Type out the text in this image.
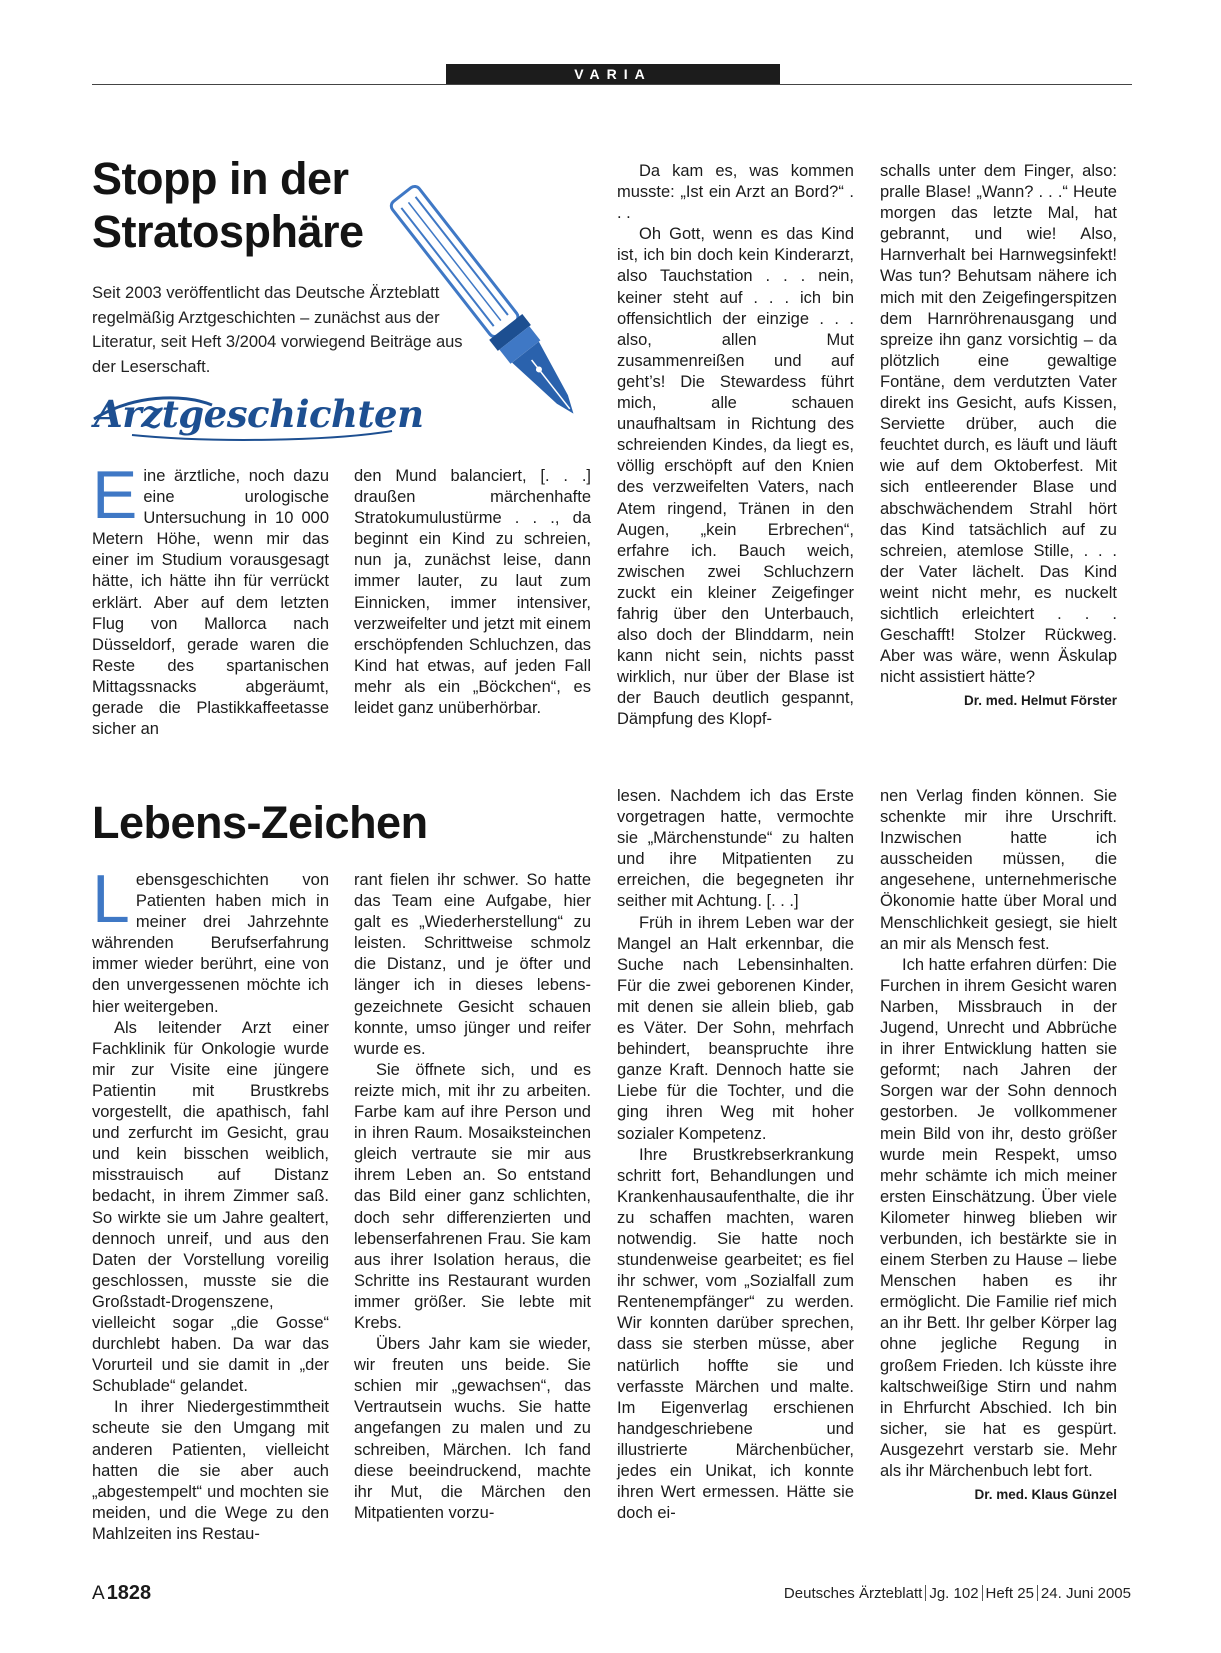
VARIA
Stopp in der
Stratosphäre
Seit 2003 veröffentlicht das Deutsche Ärzteblatt regelmäßig Arztgeschichten – zunächst aus der Literatur, seit Heft 3/2004 vorwiegend Beiträge aus der Leserschaft.
Arztgeschichten

Eine ärztliche, noch dazu eine urologische Untersuchung in 10 000 Metern Höhe, wenn mir das einer im Studium vorausgesagt hätte, ich hätte ihn für verrückt erklärt. Aber auf dem letzten Flug von Mallorca nach Düsseldorf, gerade waren die Reste des spartanischen Mittagssnacks abgeräumt, gerade die Plastikkaffeetasse sicher an

den Mund balanciert, [. . .] draußen märchenhafte Stratokumulustürme . . ., da beginnt ein Kind zu schreien, nun ja, zunächst leise, dann immer lauter, zu laut zum Einnicken, immer intensiver, verzweifelter und jetzt mit einem erschöpfenden Schluchzen, das Kind hat etwas, auf jeden Fall mehr als ein „Böckchen“, es leidet ganz unüberhörbar.

Da kam es, was kommen musste: „Ist ein Arzt an Bord?“ . . .

Oh Gott, wenn es das Kind ist, ich bin doch kein Kinderarzt, also Tauchstation . . . nein, keiner steht auf . . . ich bin offensichtlich der einzige . . . also, allen Mut zusammenreißen und auf geht’s! Die Stewardess führt mich, alle schauen unaufhaltsam in Richtung des schreienden Kindes, da liegt es, völlig erschöpft auf den Knien des verzweifelten Vaters, nach Atem ringend, Tränen in den Augen, „kein Erbrechen“, erfahre ich. Bauch weich, zwischen zwei Schluchzern zuckt ein kleiner Zeigefinger fahrig über den Unterbauch, also doch der Blinddarm, nein kann nicht sein, nichts passt wirklich, nur über der Blase ist der Bauch deutlich gespannt, Dämpfung des Klopf-

schalls unter dem Finger, also: pralle Blase! „Wann? . . .“ Heute morgen das letzte Mal, hat gebrannt, und wie! Also, Harnverhalt bei Harnwegsinfekt! Was tun? Behutsam nähere ich mich mit den Zeigefingerspitzen dem Harnröhrenausgang und spreize ihn ganz vorsichtig – da plötzlich eine gewaltige Fontäne, dem verdutzten Vater direkt ins Gesicht, aufs Kissen, Serviette drüber, auch die feuchtet durch, es läuft und läuft wie auf dem Oktoberfest. Mit sich entleerender Blase und abschwächendem Strahl hört das Kind tatsächlich auf zu schreien, atemlose Stille, . . . der Vater lächelt. Das Kind weint nicht mehr, es nuckelt sichtlich erleichtert . . . Geschafft! Stolzer Rückweg. Aber was wäre, wenn Äskulap nicht assistiert hätte?
Dr. med. Helmut Förster

Lebens-Zeichen

Lebensgeschichten von Patienten haben mich in meiner drei Jahrzehnte währenden Berufserfahrung immer wieder berührt, eine von den unvergessenen möchte ich hier weitergeben.

Als leitender Arzt einer Fachklinik für Onkologie wurde mir zur Visite eine jüngere Patientin mit Brustkrebs vorgestellt, die apathisch, fahl und zerfurcht im Gesicht, grau und kein bisschen weiblich, misstrauisch auf Distanz bedacht, in ihrem Zimmer saß. So wirkte sie um Jahre gealtert, dennoch unreif, und aus den Daten der Vorstellung voreilig geschlossen, musste sie die Großstadt-Drogenszene, vielleicht sogar „die Gosse“ durchlebt haben. Da war das Vorurteil und sie damit in „der Schublade“ gelandet.

In ihrer Niedergestimmtheit scheute sie den Umgang mit anderen Patienten, vielleicht hatten die sie aber auch „abgestempelt“ und mochten sie meiden, und die Wege zu den Mahlzeiten ins Restau-

rant fielen ihr schwer. So hatte das Team eine Aufgabe, hier galt es „Wiederherstellung“ zu leisten. Schrittweise schmolz die Distanz, und je öfter und länger ich in dieses lebens-gezeichnete Gesicht schauen konnte, umso jünger und reifer wurde es.

Sie öffnete sich, und es reizte mich, mit ihr zu arbeiten. Farbe kam auf ihre Person und in ihren Raum. Mosaiksteinchen gleich vertraute sie mir aus ihrem Leben an. So entstand das Bild einer ganz schlichten, doch sehr differenzierten und lebenserfahrenen Frau. Sie kam aus ihrer Isolation heraus, die Schritte ins Restaurant wurden immer größer. Sie lebte mit Krebs.

Übers Jahr kam sie wieder, wir freuten uns beide. Sie schien mir „gewachsen“, das Vertrautsein wuchs. Sie hatte angefangen zu malen und zu schreiben, Märchen. Ich fand diese beeindruckend, machte ihr Mut, die Märchen den Mitpatienten vorzu-

lesen. Nachdem ich das Erste vorgetragen hatte, vermochte sie „Märchenstunde“ zu halten und ihre Mitpatienten zu erreichen, die begegneten ihr seither mit Achtung. [. . .]

Früh in ihrem Leben war der Mangel an Halt erkennbar, die Suche nach Lebensinhalten. Für die zwei geborenen Kinder, mit denen sie allein blieb, gab es Väter. Der Sohn, mehrfach behindert, beanspruchte ihre ganze Kraft. Dennoch hatte sie Liebe für die Tochter, und die ging ihren Weg mit hoher sozialer Kompetenz.

Ihre Brustkrebserkrankung schritt fort, Behandlungen und Krankenhausaufenthalte, die ihr zu schaffen machten, waren notwendig. Sie hatte noch stundenweise gearbeitet; es fiel ihr schwer, vom „Sozialfall zum Rentenempfänger“ zu werden. Wir konnten darüber sprechen, dass sie sterben müsse, aber natürlich hoffte sie und verfasste Märchen und malte. Im Eigenverlag erschienen handgeschriebene und illustrierte Märchenbücher, jedes ein Unikat, ich konnte ihren Wert ermessen. Hätte sie doch ei-

nen Verlag finden können. Sie schenkte mir ihre Urschrift. Inzwischen hatte ich ausscheiden müssen, die angesehene, unternehmerische Ökonomie hatte über Moral und Menschlichkeit gesiegt, sie hielt an mir als Mensch fest.

Ich hatte erfahren dürfen: Die Furchen in ihrem Gesicht waren Narben, Missbrauch in der Jugend, Unrecht und Abbrüche in ihrer Entwicklung hatten sie geformt; nach Jahren der Sorgen war der Sohn dennoch gestorben. Je vollkommener mein Bild von ihr, desto größer wurde mein Respekt, umso mehr schämte ich mich meiner ersten Einschätzung. Über viele Kilometer hinweg blieben wir verbunden, ich bestärkte sie in einem Sterben zu Hause – liebe Menschen haben es ihr ermöglicht. Die Familie rief mich an ihr Bett. Ihr gelber Körper lag ohne jegliche Regung in großem Frieden. Ich küsste ihre kaltschweißige Stirn und nahm in Ehrfurcht Abschied. Ich bin sicher, sie hat es gespürt. Ausgezehrt verstarb sie. Mehr als ihr Märchenbuch lebt fort.
Dr. med. Klaus Günzel

A 1828	Deutsches Ärzteblatt Jg. 102 Heft 25 24. Juni 2005
